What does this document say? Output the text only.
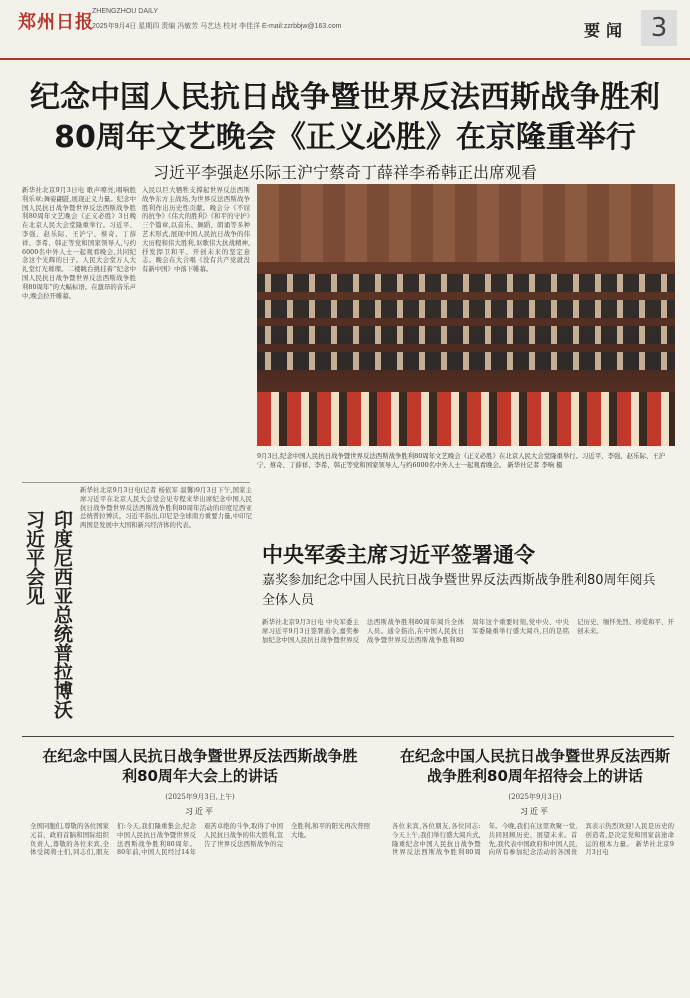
郑州日报
ZHENGZHOU DAILY
2025年9月4日 星期四 责编 冯敏芳 马艺达 校对 李佳洋 E-mail:zzrbbjw@163.com	要闻 3
纪念中国人民抗日战争暨世界反法西斯战争胜利
80周年文艺晚会《正义必胜》在京隆重举行
习近平李强赵乐际王沪宁蔡奇丁薛祥李希韩正出席观看
新华社北京9月3日电 歌声嘹亮,唱响胜利乐章;舞姿翩跹,展现正义力量。纪念中国人民抗日战争暨世界反法西斯战争胜利80周年文艺晚会《正义必胜》3日晚在北京人民大会堂隆重举行。习近平、李强、赵乐际、王沪宁、蔡奇、丁薛祥、李希、韩正等党和国家领导人,与约6000名中外人士一起观看晚会,共同纪念这个光辉的日子。人民大会堂万人大礼堂灯光璀璨。二楼眺台挑挂着“纪念中国人民抗日战争暨世界反法西斯战争胜利80周年”的大幅标语。在激昂的音乐声中,晚会拉开帷幕。
入民以巨大牺牲支撑起世界反法西斯战争东方主战场,为世界反法西斯战争胜利作出历史性贡献。晚会分《不屈的抗争》《伟大的胜利》《和平的守护》三个篇章,以音乐、舞蹈、朗诵等多种艺术形式,展现中国人民抗日战争的伟大历程和伟大胜利,讴歌伟大抗战精神,抒发捍卫和平、开创未来的坚定意志。晚会在大合唱《没有共产党就没有新中国》中落下帷幕。
9月3日,纪念中国人民抗日战争暨世界反法西斯战争胜利80周年文艺晚会《正义必胜》在北京人民大会堂隆重举行。习近平、李强、赵乐际、王沪宁、蔡奇、丁薛祥、李希、韩正等党和国家领导人,与约6000名中外人士一起观看晚会。 新华社记者 李响 摄
习近平会见 印度尼西亚总统普拉博沃
新华社北京9月3日电(记者 杨依军 温馨)9月3日下午,国家主席习近平在北京人民大会堂会见专程来华出席纪念中国人民抗日战争暨世界反法西斯战争胜利80周年活动的印度尼西亚总统普拉博沃。习近平指出,印尼是全球南方重要力量,中印尼两国是发展中大国和新兴经济体的代表。
中央军委主席习近平签署通令
嘉奖参加纪念中国人民抗日战争暨世界反法西斯战争胜利80周年阅兵全体人员
新华社北京9月3日电 中央军委主席习近平9月3日签署通令,嘉奖参加纪念中国人民抗日战争暨世界反法西斯战争胜利80周年阅兵全体人员。通令指出,在中国人民抗日战争暨世界反法西斯战争胜利80周年这个重要时刻,党中央、中央军委隆重举行盛大阅兵,目的是铭记历史、缅怀先烈、珍爱和平、开创未来。
在纪念中国人民抗日战争暨世界反法西斯战争胜利80周年大会上的讲话
(2025年9月3日,上午)
习近平
全国同胞们,尊敬的各位国家元首、政府首脑和国际组织负责人,尊敬的各位来宾,全体受阅将士们,同志们,朋友们:今天,我们隆重集会,纪念中国人民抗日战争暨世界反法西斯战争胜利80周年。80年前,中国人民经过14年艰苦卓绝的斗争,取得了中国人民抗日战争的伟大胜利,宣告了世界反法西斯战争的完全胜利,和平的阳光再次普照大地。
在纪念中国人民抗日战争暨世界反法西斯战争胜利80周年招待会上的讲话
(2025年9月3日)
习近平
各位来宾,各位朋友,各位同志:今天上午,我们举行盛大阅兵式,隆重纪念中国人民抗日战争暨世界反法西斯战争胜利80周年。今晚,我们在这里欢聚一堂,共同回顾历史、展望未来。首先,我代表中国政府和中国人民,向所有参加纪念活动的各国贵宾表示热烈欢迎!人民是历史的创造者,是决定党和国家前途命运的根本力量。 新华社北京9月3日电
